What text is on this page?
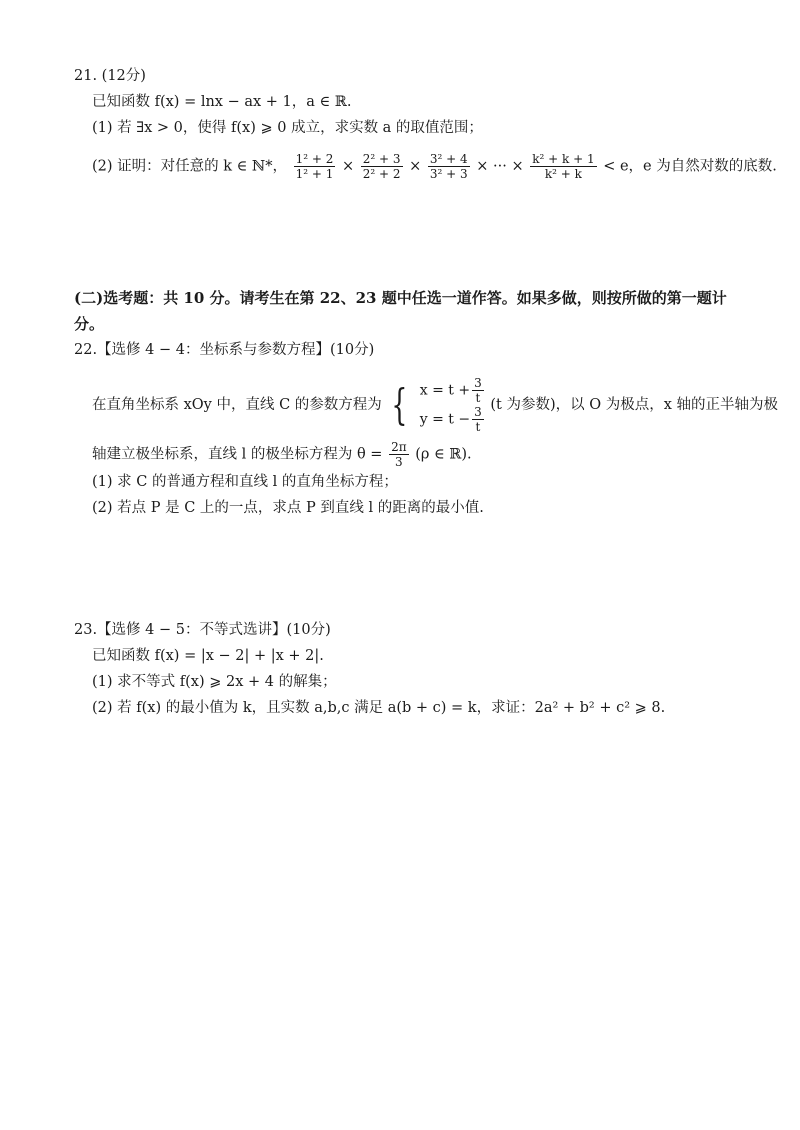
21. (12分)
已知函数 f(x) = lnx − ax + 1，a ∈ ℝ.
(1) 若 ∃x > 0，使得 f(x) ⩾ 0 成立，求实数 a 的取值范围；
(2) 证明：对任意的 k ∈ ℕ*， $\frac{\text{1² + 2}}{\text{1² + 1}} \times \frac{\text{2² + 3}}{\text{2² + 2}} \times \frac{\text{3² + 4}}{\text{3² + 3}}$ × ··· × $\frac{\text{k² + k + 1}}{\text{k² + k}} < e$，e 为自然对数的底数.
(二)选考题：共 10 分。请考生在第 22、23 题中任选一道作答。如果多做，则按所做的第一题计
分。
22.【选修 4 − 4：坐标系与参数方程】(10分)
在直角坐标系 xOy 中，直线 C 的参数方程为 { $x = t + \frac{3}{t}$
$y = t - \frac{3}{t} (t$ 为参数)，以 O 为极点，x 轴的正半轴为极
轴建立极坐标系，直线 l 的极坐标方程为 $\theta = \frac{2\pi}{3} (\rho$ ∈ ℝ).
(1) 求 C 的普通方程和直线 l 的直角坐标方程；
(2) 若点 P 是 C 上的一点，求点 P 到直线 l 的距离的最小值.
23.【选修 4 − 5：不等式选讲】(10分)
已知函数 f(x) = |x − 2| + |x + 2|.
(1) 求不等式 f(x) ⩾ 2x + 4 的解集；
(2) 若 f(x) 的最小值为 k，且实数 a,b,c 满足 a(b + c) = k，求证：2a² + b² + c² ⩾ 8.
